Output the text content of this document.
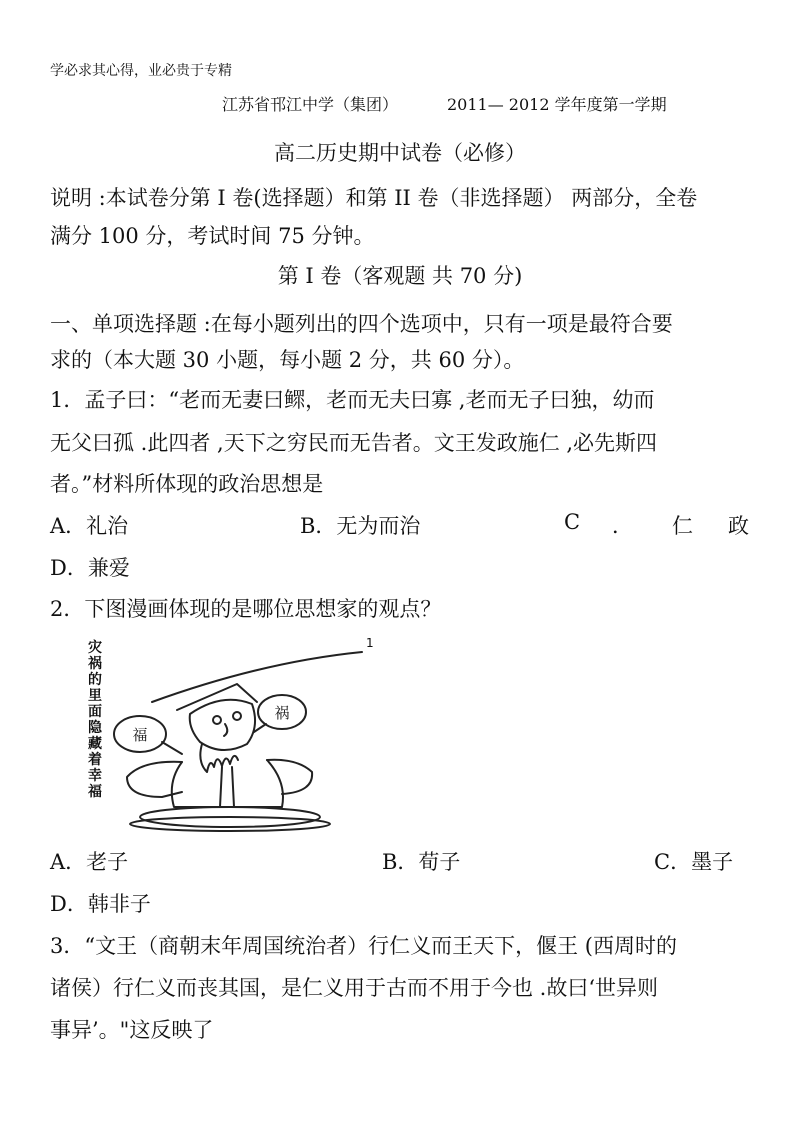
学必求其心得，业必贵于专精
江苏省邗江中学（集团）	2011— 2012 学年度第一学期
高二历史期中试卷（必修）
说明 :本试卷分第 I 卷(选择题）和第 II 卷（非选择题） 两部分，全卷
满分 100 分，考试时间 75 分钟。
第 I 卷（客观题 共 70 分)
一、单项选择题 :在每小题列出的四个选项中，只有一项是最符合要
求的（本大题 30 小题，每小题 2 分，共 60 分）。
1．孟子曰：“老而无妻曰鳏，老而无夫曰寡 ,老而无子曰独，幼而
无父曰孤 .此四者 ,天下之穷民而无告者。文王发政施仁 ,必先斯四
者。”材料所体现的政治思想是
A．礼治	B．无为而治	C ． 仁 政
D．兼爱
2．下图漫画体现的是哪位思想家的观点？
灾祸的里面隐藏着幸福
1
福
祸
A．老子	B．荀子	C．墨子
D．韩非子
3．“文王（商朝末年周国统治者）行仁义而王天下，偃王 (西周时的
诸侯）行仁义而丧其国，是仁义用于古而不用于今也 .故曰‘世异则
事异’。"这反映了
